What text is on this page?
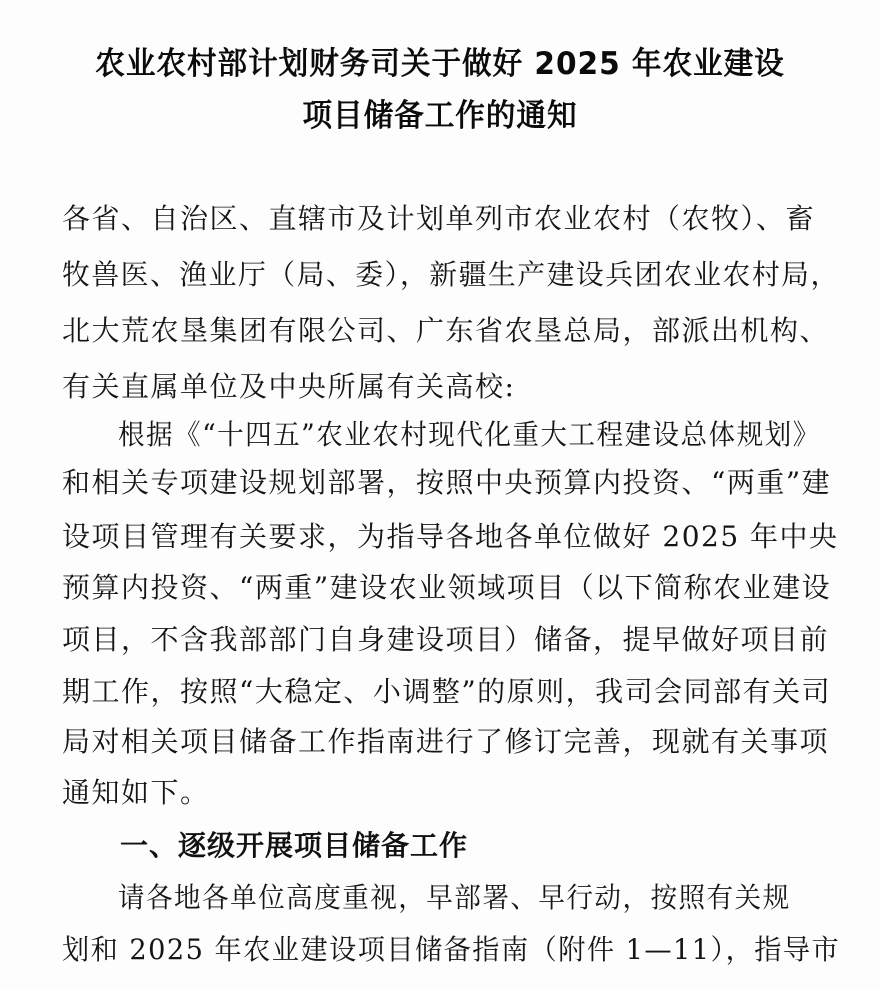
农业农村部计划财务司关于做好 2025 年农业建设
项目储备工作的通知
各省、自治区、直辖市及计划单列市农业农村（农牧）、畜
牧兽医、渔业厅（局、委），新疆生产建设兵团农业农村局，
北大荒农垦集团有限公司、广东省农垦总局，部派出机构、
有关直属单位及中央所属有关高校:
根据《“十四五”农业农村现代化重大工程建设总体规划》
和相关专项建设规划部署，按照中央预算内投资、“两重”建
设项目管理有关要求，为指导各地各单位做好 2025 年中央
预算内投资、“两重”建设农业领域项目（以下简称农业建设
项目，不含我部部门自身建设项目）储备，提早做好项目前
期工作，按照“大稳定、小调整”的原则，我司会同部有关司
局对相关项目储备工作指南进行了修订完善，现就有关事项
通知如下。
一、逐级开展项目储备工作
请各地各单位高度重视，早部署、早行动，按照有关规
划和 2025 年农业建设项目储备指南（附件 1—11），指导市
